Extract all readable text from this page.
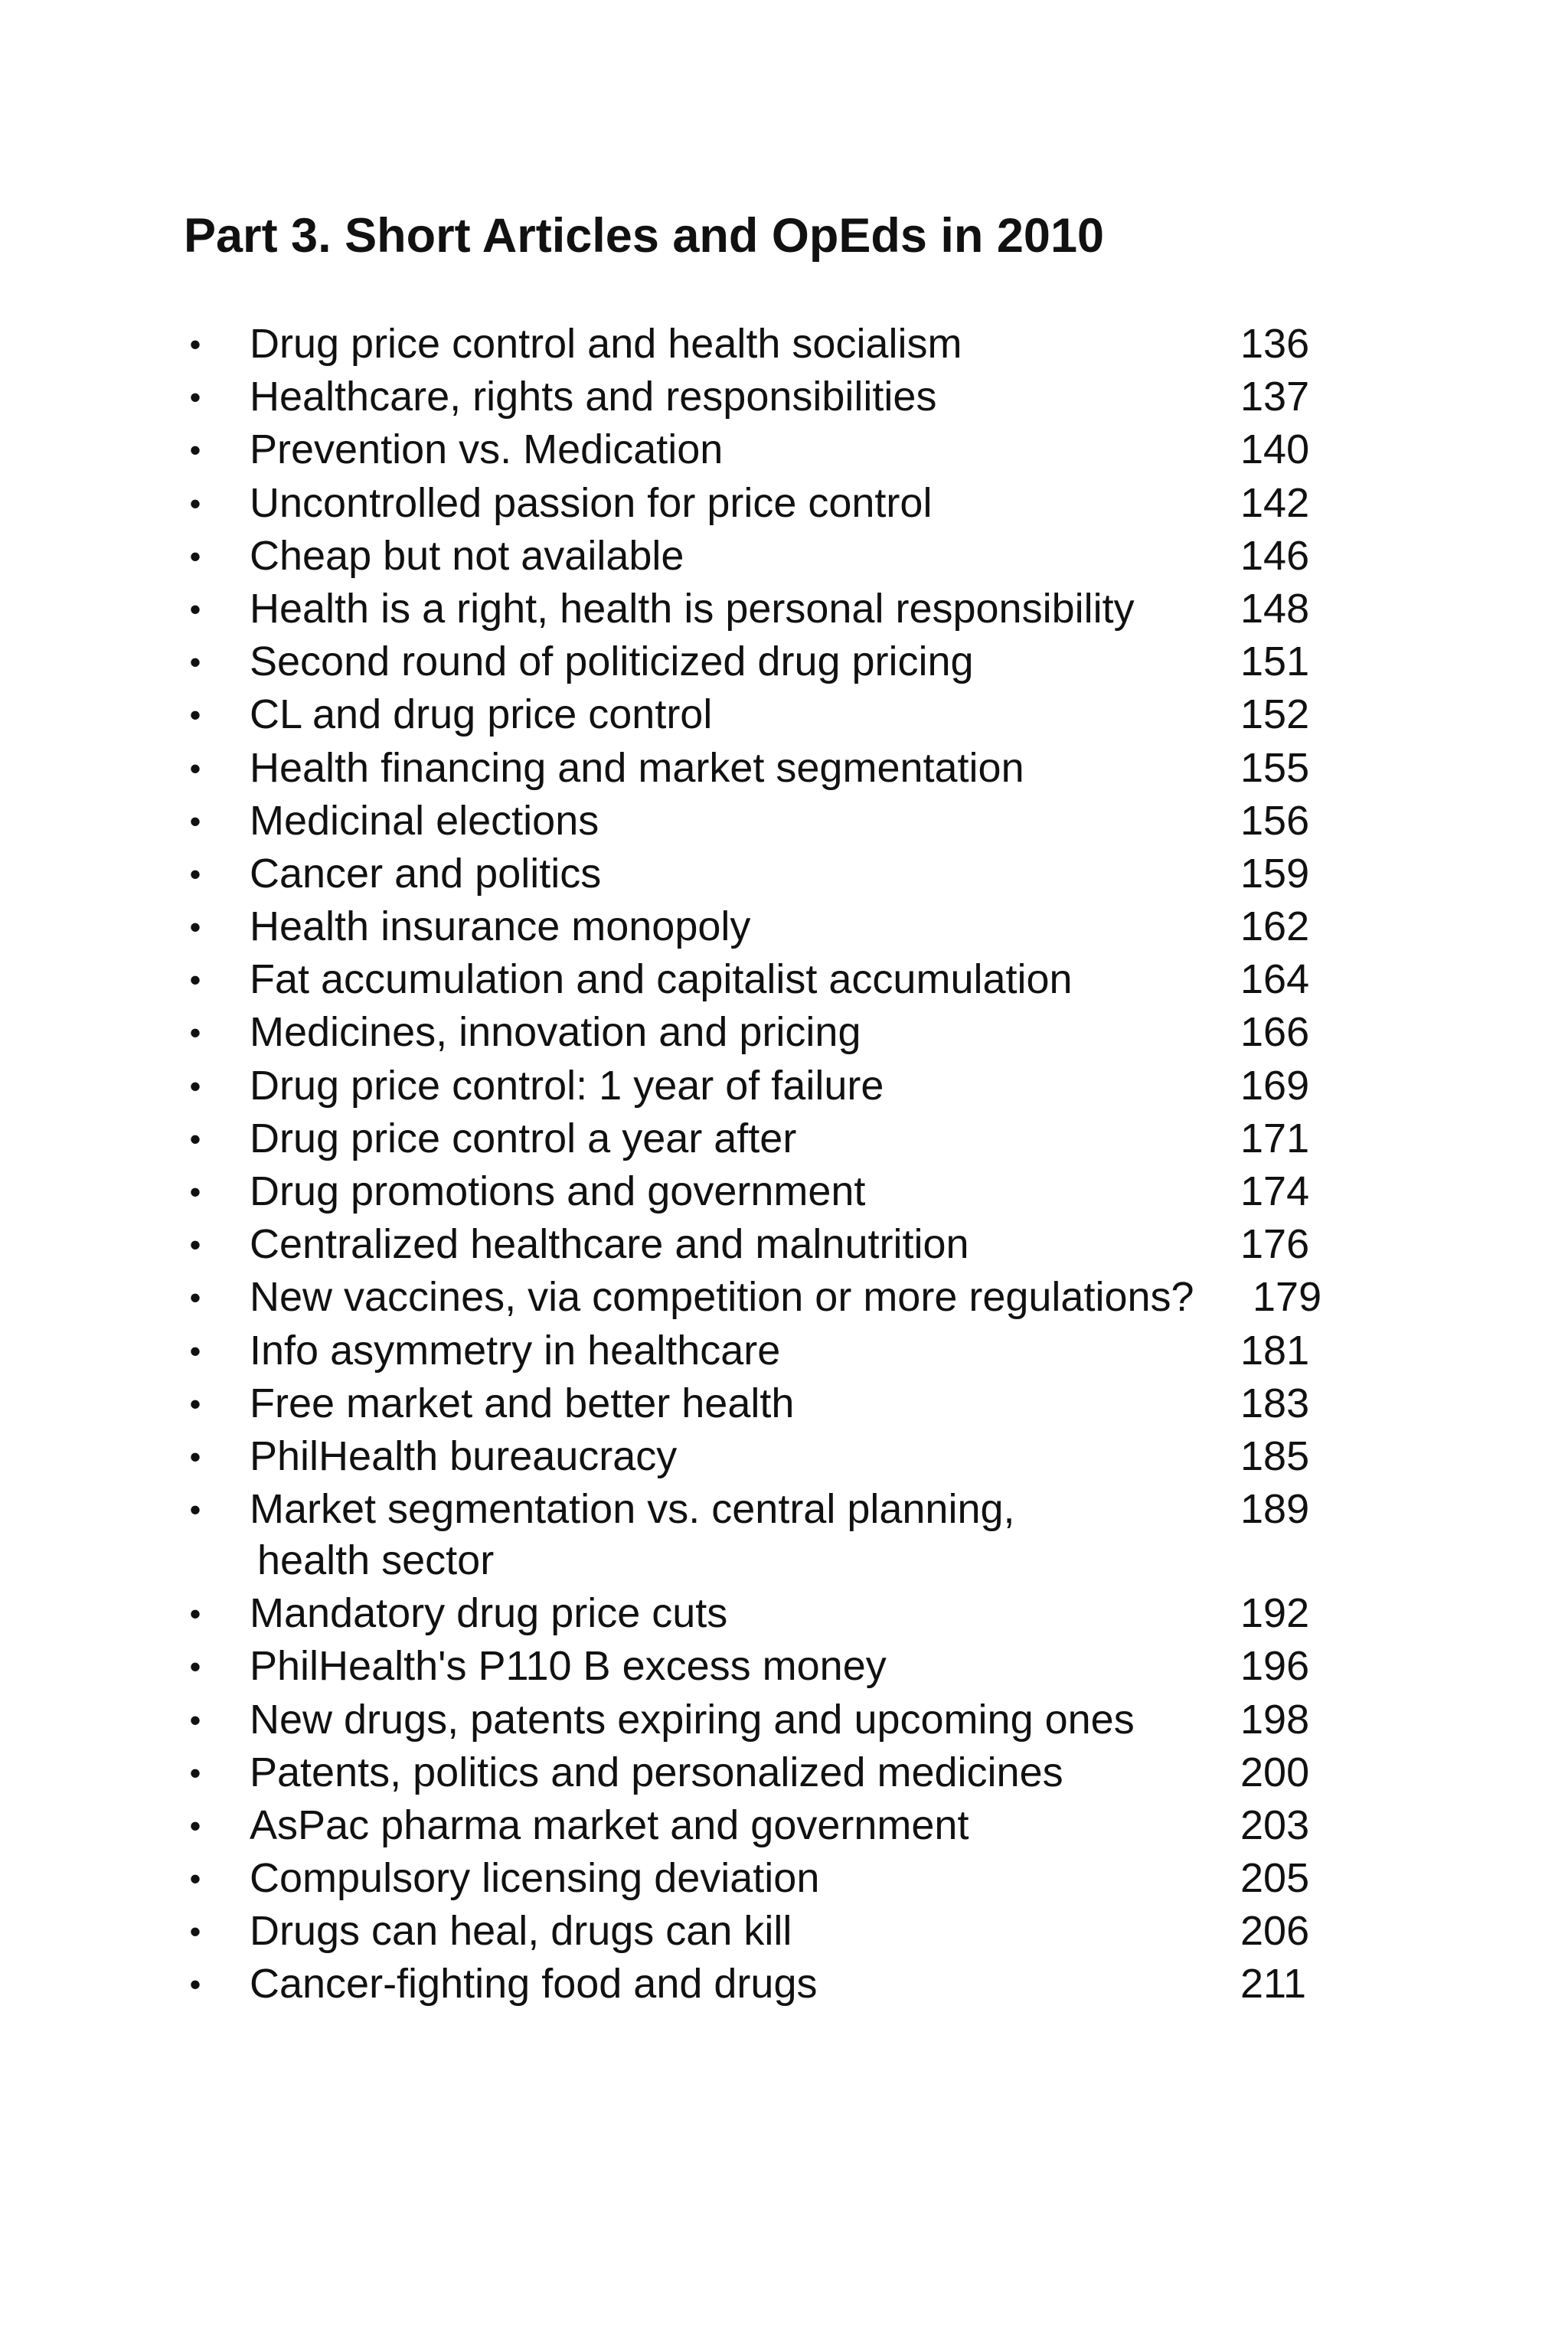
Part 3. Short Articles and OpEds in 2010
• Drug price control and health socialism	136
• Healthcare, rights and responsibilities	137
• Prevention vs. Medication	140
• Uncontrolled passion for price control	142
• Cheap but not available	146
• Health is a right, health is personal responsibility	148
• Second round of politicized drug pricing	151
• CL and drug price control	152
• Health financing and market segmentation	155
• Medicinal elections	156
• Cancer and politics	159
• Health insurance monopoly	162
• Fat accumulation and capitalist accumulation	164
• Medicines, innovation and pricing	166
• Drug price control: 1 year of failure	169
• Drug price control a year after	171
• Drug promotions and government	174
• Centralized healthcare and malnutrition	176
• New vaccines, via competition or more regulations? 179
• Info asymmetry in healthcare	181
• Free market and better health	183
• PhilHealth bureaucracy	185
• Market segmentation vs. central planning,
health sector
189
• Mandatory drug price cuts	192
• PhilHealth's P110 B excess money	196
• New drugs, patents expiring and upcoming ones	198
• Patents, politics and personalized medicines	200
• AsPac pharma market and government	203
• Compulsory licensing deviation	205
• Drugs can heal, drugs can kill	206
• Cancer-fighting food and drugs	211
